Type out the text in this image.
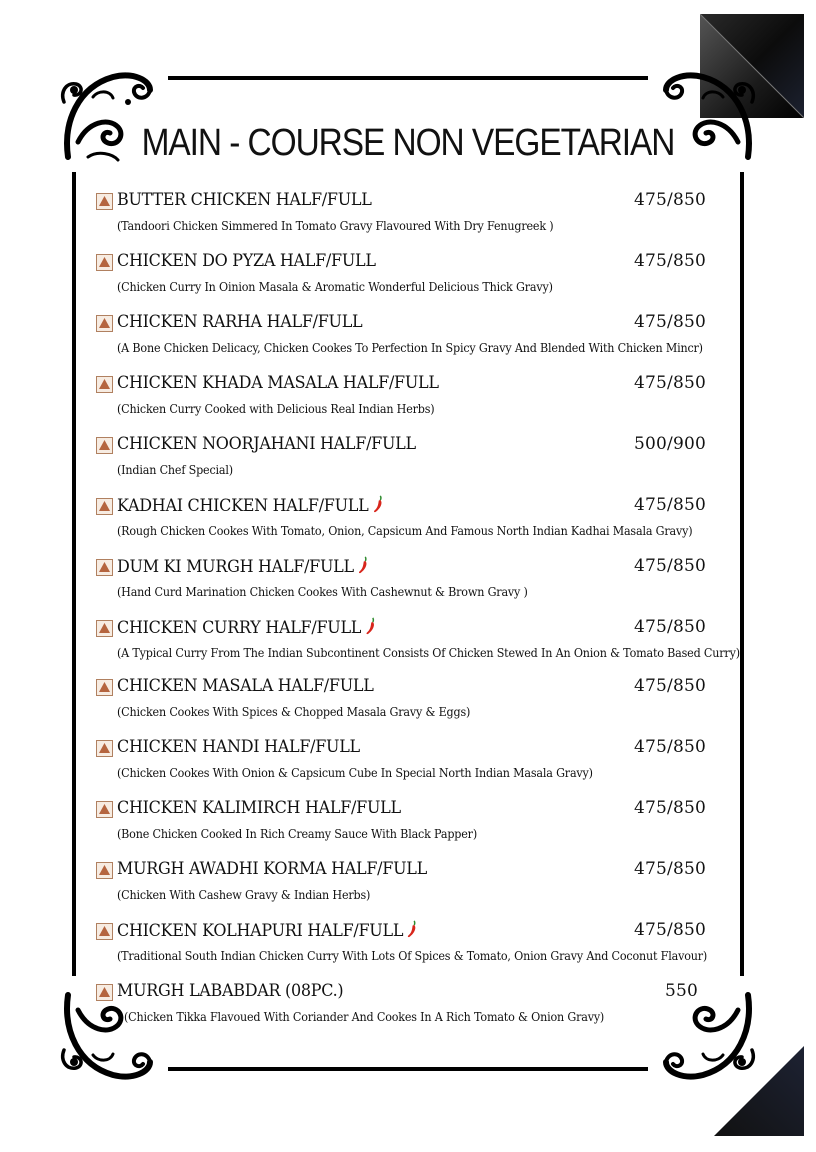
MAIN - COURSE NON VEGETARIAN
BUTTER CHICKEN HALF/FULL	475/850
(Tandoori Chicken Simmered In Tomato Gravy Flavoured With Dry Fenugreek )
CHICKEN DO PYZA HALF/FULL	475/850
(Chicken Curry In Oinion Masala & Aromatic Wonderful Delicious Thick Gravy)
CHICKEN RARHA HALF/FULL	475/850
(A Bone Chicken Delicacy, Chicken Cookes To Perfection In Spicy Gravy And Blended With Chicken Mincr)
CHICKEN KHADA MASALA HALF/FULL	475/850
(Chicken Curry Cooked with Delicious Real Indian Herbs)
CHICKEN NOORJAHANI HALF/FULL	500/900
(Indian Chef Special)
KADHAI CHICKEN HALF/FULL	475/850
(Rough Chicken Cookes With Tomato, Onion, Capsicum And Famous North Indian Kadhai Masala Gravy)
DUM KI MURGH HALF/FULL	475/850
(Hand Curd Marination Chicken Cookes With Cashewnut & Brown Gravy )
CHICKEN CURRY HALF/FULL	475/850
(A Typical Curry From The Indian Subcontinent Consists Of Chicken Stewed In An Onion & Tomato Based Curry)
CHICKEN MASALA HALF/FULL	475/850
(Chicken Cookes With Spices & Chopped Masala Gravy & Eggs)
CHICKEN HANDI HALF/FULL	475/850
(Chicken Cookes With Onion & Capsicum Cube In Special North Indian Masala Gravy)
CHICKEN KALIMIRCH HALF/FULL	475/850
(Bone Chicken Cooked In Rich Creamy Sauce With Black Papper)
MURGH AWADHI KORMA HALF/FULL	475/850
(Chicken With Cashew Gravy & Indian Herbs)
CHICKEN KOLHAPURI HALF/FULL	475/850
(Traditional South Indian Chicken Curry With Lots Of Spices & Tomato, Onion Gravy And Coconut Flavour)
MURGH LABABDAR (08PC.)	550
(Chicken Tikka Flavoued With Coriander And Cookes In A Rich Tomato & Onion Gravy)
